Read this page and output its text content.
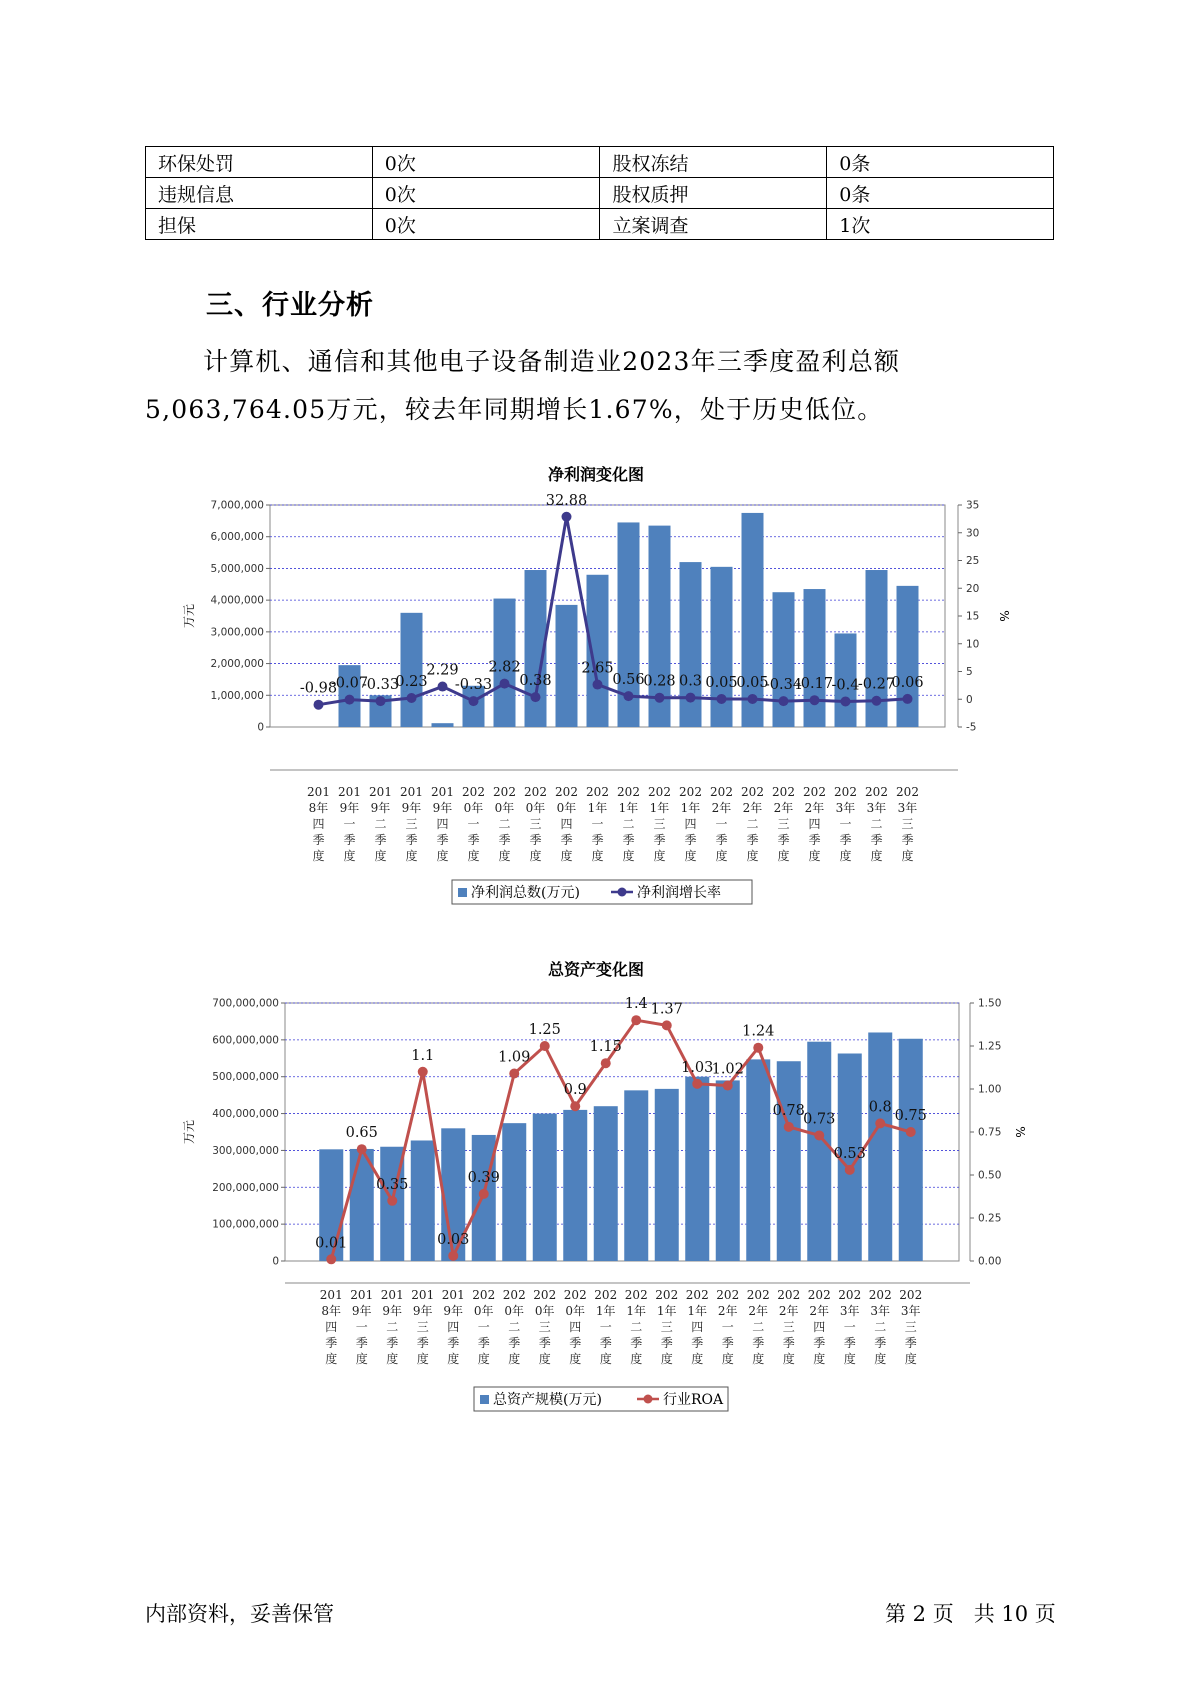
环保处罚	0次	股权冻结	0条
违规信息	0次	股权质押	0条
担保	0次	立案调查	1次
三、行业分析

计算机、通信和其他电子设备制造业2023年三季度盈利总额
5,063,764.05万元，较去年同期增长1.67%，处于历史低位。

净利润变化图
0
1,000,000
2,000,000
3,000,000
4,000,000
5,000,000
6,000,000
7,000,000
-5
0
5
10
15
20
25
30
35
万元	%
-0.98
-0.07
-0.33
0.23
2.29
-0.33
2.82
0.38
32.88
2.65
0.56
0.28 0.3 0.05
0.05
-0.34
-0.17
-0.4
-0.27
0.06
201
8年
四
季
度
201
9年
一
季
度
201
9年
二
季
度
201
9年
三
季
度
201
9年
四
季
度
202
0年
一
季
度
202
0年
二
季
度
202
0年
三
季
度
202
0年
四
季
度
202
1年
一
季
度
202
1年
二
季
度
202
1年
三
季
度
202
1年
四
季
度
202
2年
一
季
度
202
2年
二
季
度
202
2年
三
季
度
202
2年
四
季
度
202
3年
一
季
度
202
3年
二
季
度
202
3年
三
季
度
净利润总数(万元)	净利润增长率
总资产变化图
0
100,000,000
200,000,000
300,000,000
400,000,000
500,000,000
600,000,000
700,000,000
0.00
0.25
0.50
0.75
1.00
1.25
1.50
万元	%
0.01
0.65
0.35
1.1
0.03
0.39
1.09
1.25
0.9
1.15
1.4 1.37
1.03
1.02
1.24
0.78
0.73
0.53
0.8
0.75
201
8年
四
季
度
201
9年
一
季
度
201
9年
二
季
度
201
9年
三
季
度
201
9年
四
季
度
202
0年
一
季
度
202
0年
二
季
度
202
0年
三
季
度
202
0年
四
季
度
202
1年
一
季
度
202
1年
二
季
度
202
1年
三
季
度
202
1年
四
季
度
202
2年
一
季
度
202
2年
二
季
度
202
2年
三
季
度
202
2年
四
季
度
202
3年
一
季
度
202
3年
二
季
度
202
3年
三
季
度
总资产规模(万元)	行业ROA
内部资料，妥善保管	第 2 页   共 10 页
